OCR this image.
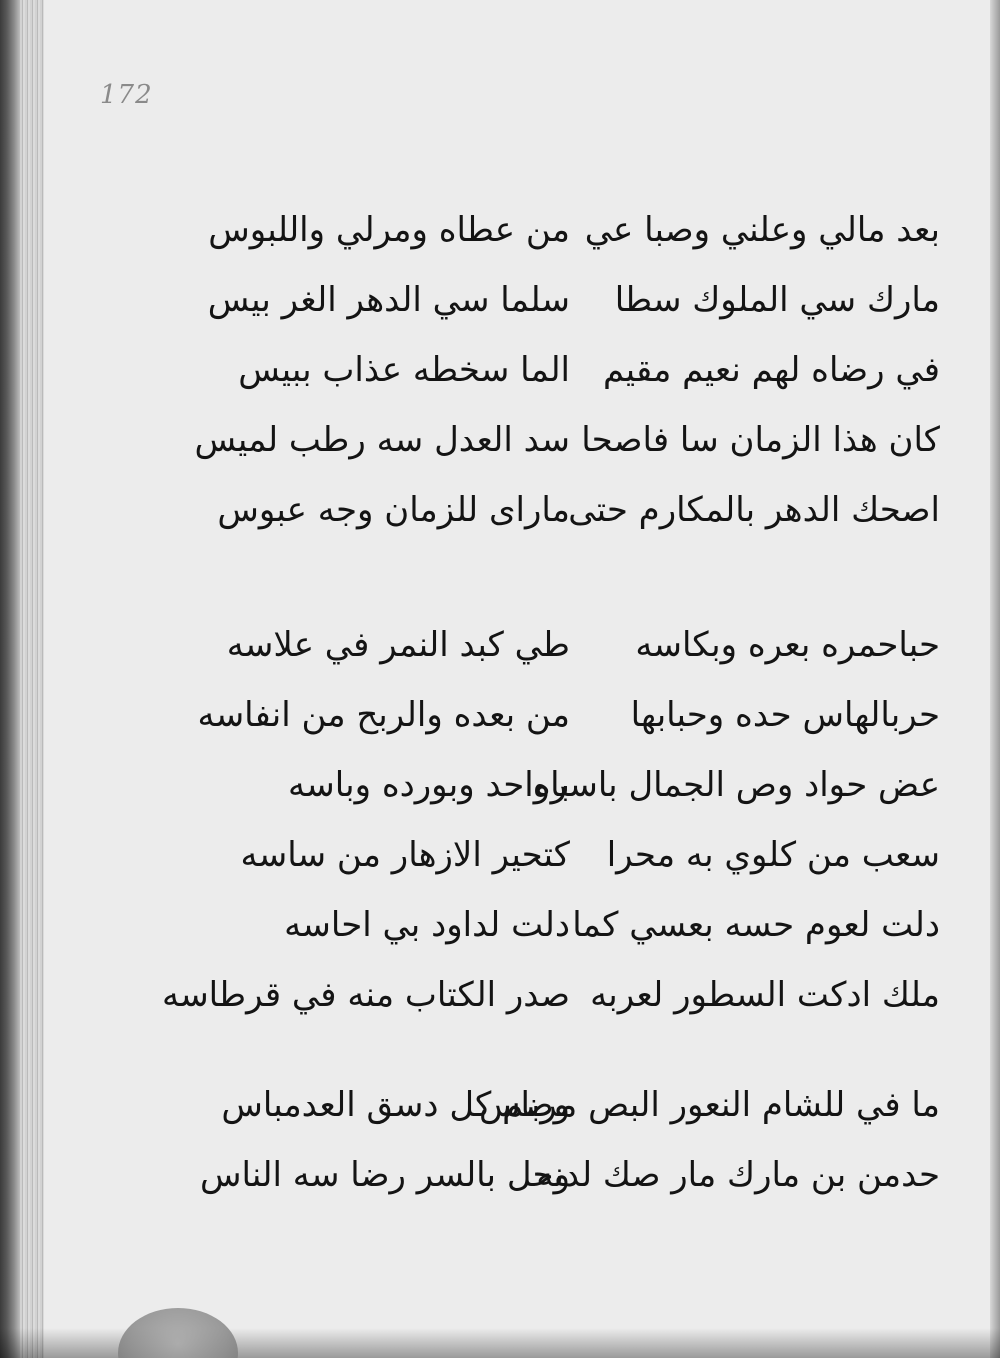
172
بعد مالي وعلني وصبا عي
من عطاه ومرلي واللبوس
مارك سي الملوك سطا
سلما سي الدهر الغر بيس
في رضاه لهم نعيم مقيم
الما سخطه عذاب ببيس
كان هذا الزمان سا فاصحا
سد العدل سه رطب لميس
اصحك الدهر بالمكارم حتى
ماراى للزمان وجه عبوس
حباحمره بعره وبكاسه
طي كبد النمر في علاسه
حربالهاس حده وحبابها
من بعده والربح من انفاسه
عض حواد وص الجمال باسره
باواحد وبورده وباسه
سعب من كلوي به محرا
كتحير الازهار من ساسه
دلت لعوم حسه بعسي كما
دلت لداود بي احاسه
ملك ادكت السطور لعربه
صدر الكتاب منه في قرطاسه
ما في للشام النعور البص مرباس
وضم كل دسق العدمباس
حدمن بن مارك مار صك لدنه
وحل بالسر رضا سه الناس
